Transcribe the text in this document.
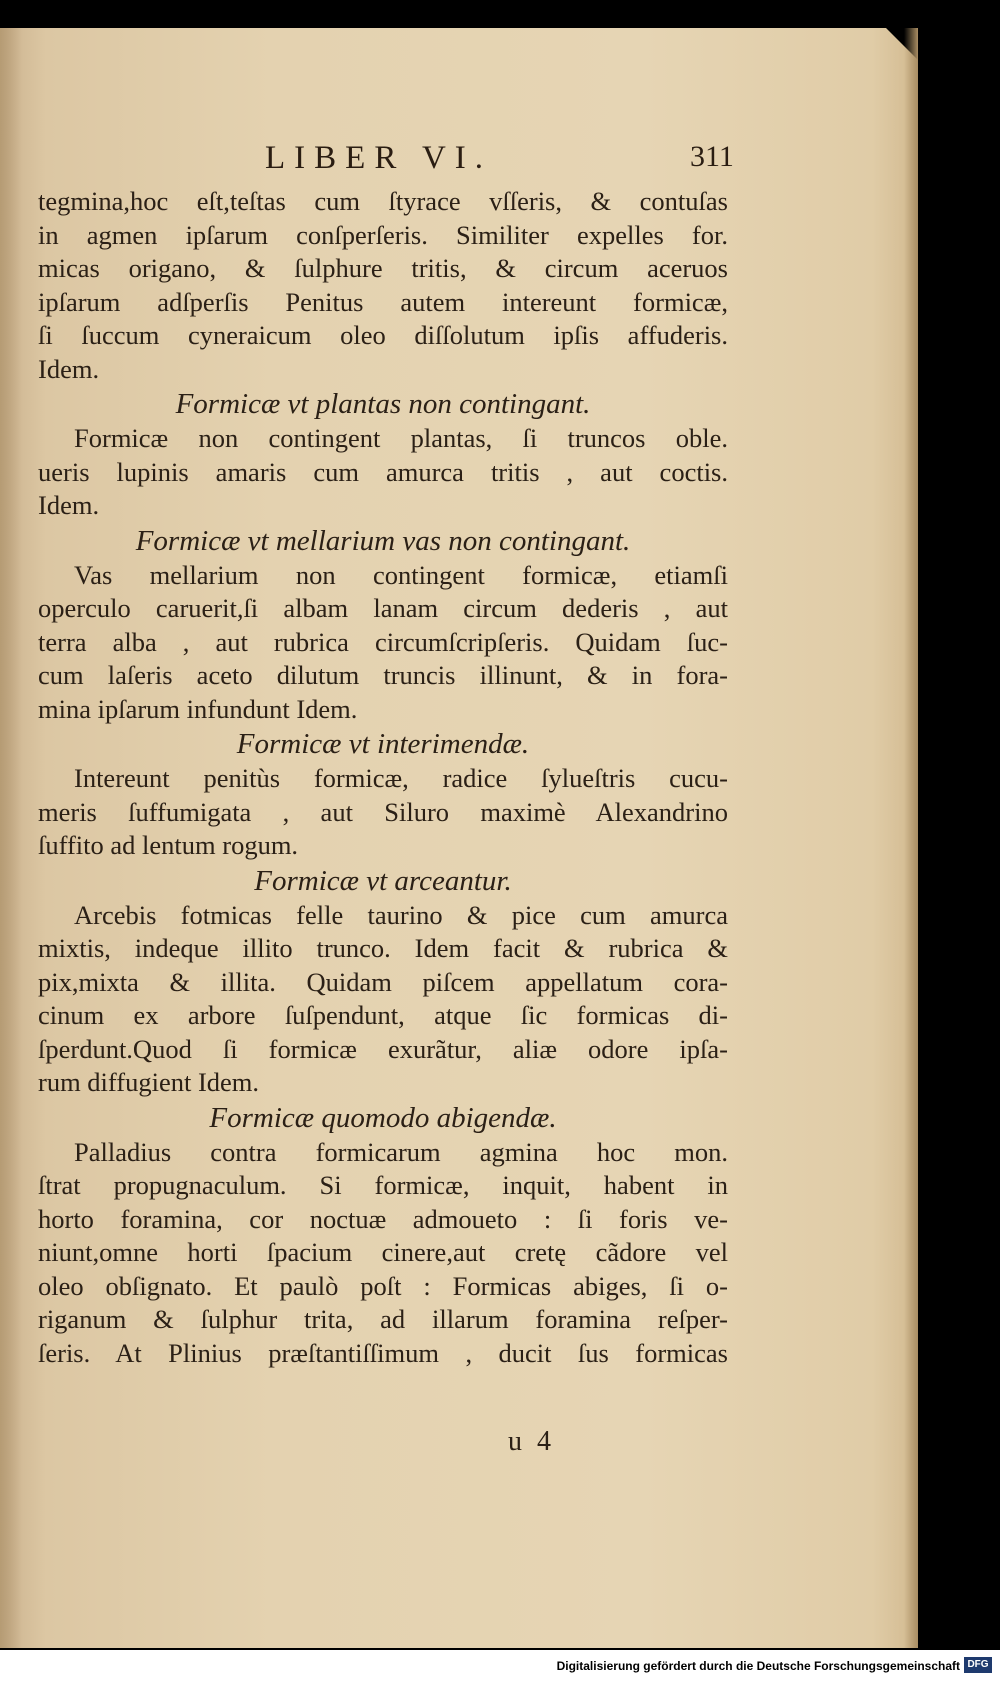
LIBER VI.	311
tegmina,hoc eſt,teſtas cum ſtyrace vſſeris, & contuſas
in agmen ipſarum conſperſeris. Similiter expelles for.
micas origano, & ſulphure tritis, & circum aceruos
ipſarum adſperſis Penitus autem intereunt formicæ,
ſi ſuccum cyneraicum oleo diſſolutum ipſis affuderis.
Idem.
Formicæ vt plantas non contingant.
Formicæ non contingent plantas, ſi truncos oble.
ueris lupinis amaris cum amurca tritis , aut coctis.
Idem.
Formicæ vt mellarium vas non contingant.
Vas mellarium non contingent formicæ, etiamſi
operculo caruerit,ſi albam lanam circum dederis , aut
terra alba , aut rubrica circumſcripſeris. Quidam ſuc-
cum laſeris aceto dilutum truncis illinunt, & in fora-
mina ipſarum infundunt Idem.
Formicæ vt interimendæ.
Intereunt penitùs formicæ, radice ſylueſtris cucu-
meris ſuffumigata , aut Siluro maximè Alexandrino
ſuffito ad lentum rogum.
Formicæ vt arceantur.
Arcebis fotmicas felle taurino & pice cum amurca
mixtis, indeque illito trunco. Idem facit & rubrica &
pix,mixta & illita. Quidam piſcem appellatum cora-
cinum ex arbore ſuſpendunt, atque ſic formicas di-
ſperdunt.Quod ſi formicæ exurãtur, aliæ odore ipſa-
rum diffugient Idem.
Formicæ quomodo abigendæ.
Palladius contra formicarum agmina hoc mon.
ſtrat propugnaculum. Si formicæ, inquit, habent in
horto foramina, cor noctuæ admoueto : ſi foris ve-
niunt,omne horti ſpacium cinere,aut cretę cãdore vel
oleo obſignato. Et paulò poſt : Formicas abiges, ſi o-
riganum & ſulphur trita, ad illarum foramina reſper-
ſeris. At Plinius præſtantiſſimum , ducit ſus formicas
u 4
Digitalisierung gefördert durch die Deutsche Forschungsgemeinschaft DFG
